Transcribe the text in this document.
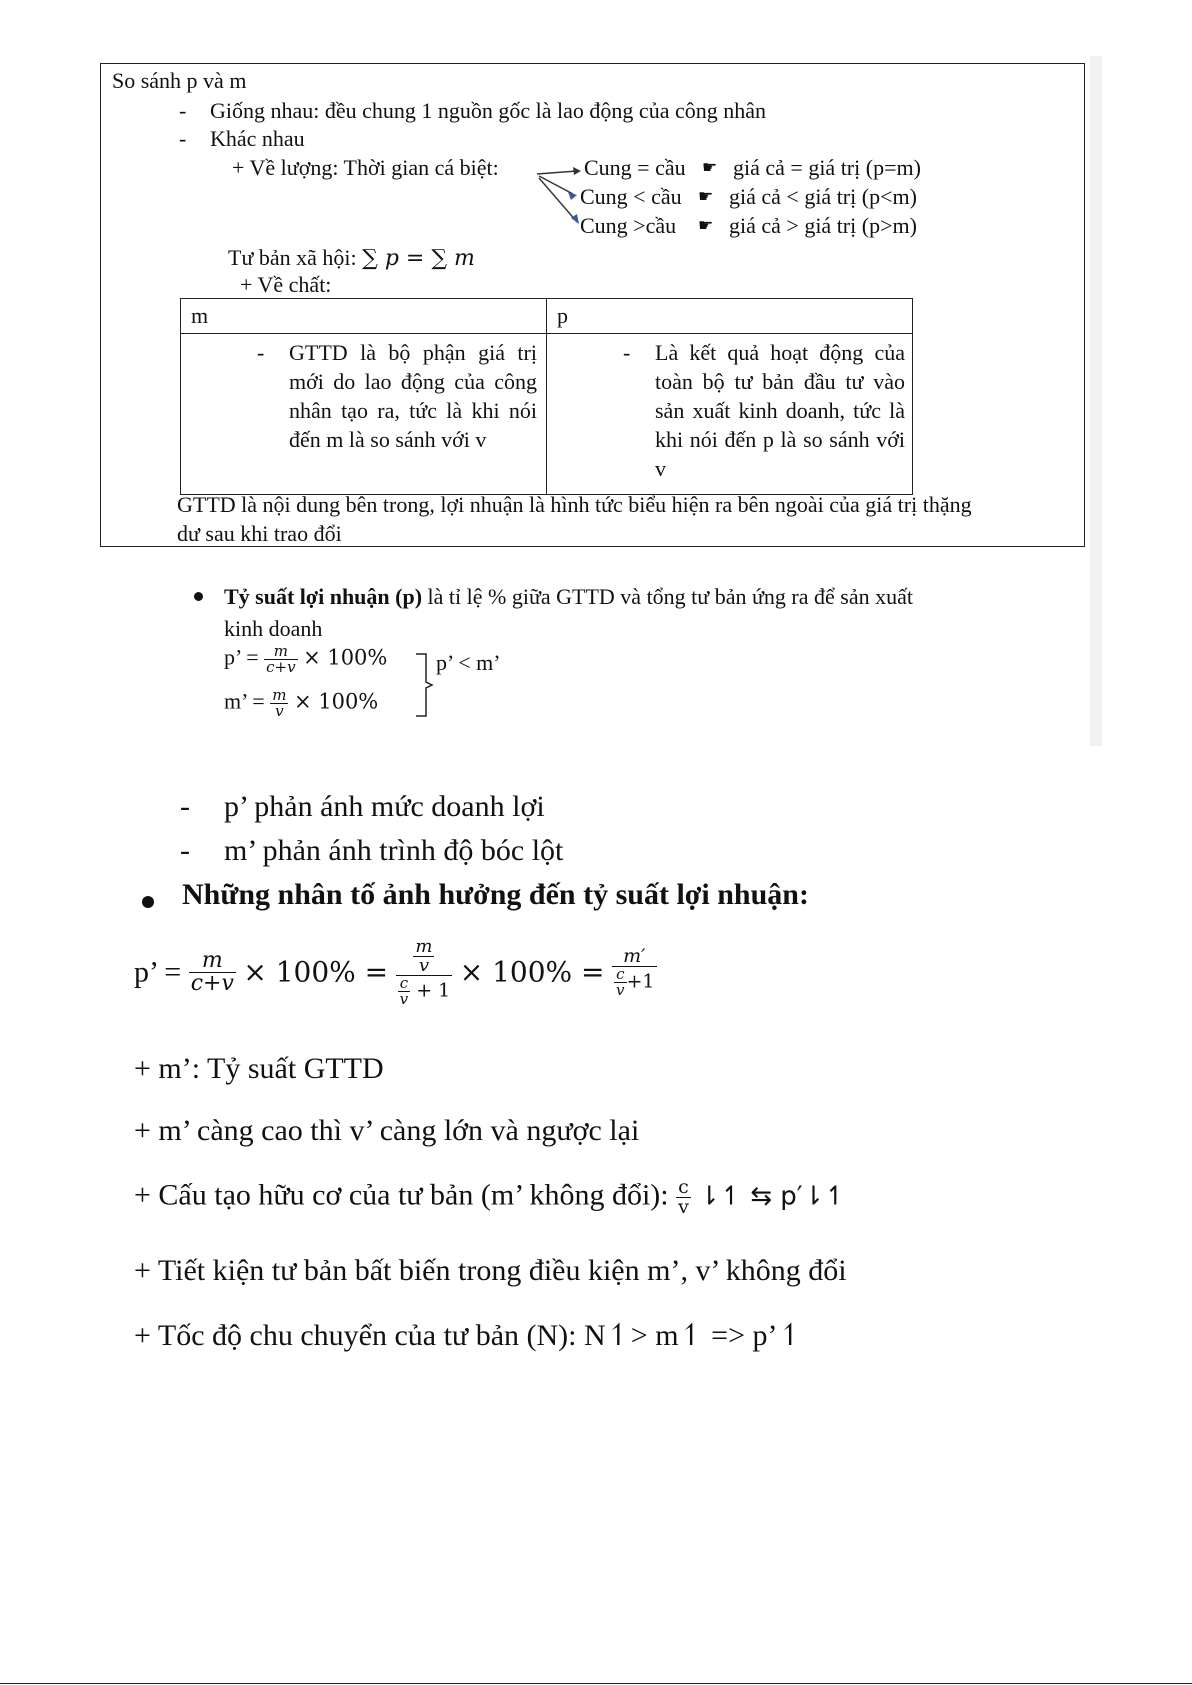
So sánh p và m
- Giống nhau: đều chung 1 nguồn gốc là lao động của công nhân
- Khác nhau
+ Về lượng: Thời gian cá biệt:	Cung = cầu ☛ giá cả = giá trị (p=m)
Cung < cầu ☛ giá cả < giá trị (p<m)
Cung >cầu ☛ giá cả > giá trị (p>m)
Tư bản xã hội: ∑ p = ∑ m
+ Về chất:
m	p

- GTTD là bộ phận giá trị mới do lao động của công nhân tạo ra, tức là khi nói đến m là so sánh với v	- Là kết quả hoạt động của toàn bộ tư bản đầu tư vào sản xuất kinh doanh, tức là khi nói đến p là so sánh với v
GTTD là nội dung bên trong, lợi nhuận là hình tức biểu hiện ra bên ngoài của giá trị thặng
dư sau khi trao đổi
Tỷ suất lợi nhuận (p) là tỉ lệ % giữa GTTD và tổng tư bản ứng ra để sản xuất
kinh doanh
p’ = $\frac{m}{c+v} \times 100\%$
m’ = $\frac{m}{v} \times 100\%$
p’ < m’
- p’ phản ánh mức doanh lợi
- m’ phản ánh trình độ bóc lột
Những nhân tố ảnh hưởng đến tỷ suất lợi nhuận:
p’ = $\frac{m}{c+v} \times 100\% = \frac{\frac{m}{v}}{\frac{c}{v} + 1} \times 100\% = \frac{m'}{\frac{c}{v} +1}$
+ m’: Tỷ suất GTTD
+ m’ càng cao thì v’ càng lớn và ngược lại
+ Cấu tạo hữu cơ của tư bản (m’ không đổi): $\frac{c}{v}$ ⇂↿ ⇆ p′⇂↿
+ Tiết kiện tư bản bất biến trong điều kiện m’, v’ không đổi
+ Tốc độ chu chuyển của tư bản (N): N↿> m↿ => p’↿
